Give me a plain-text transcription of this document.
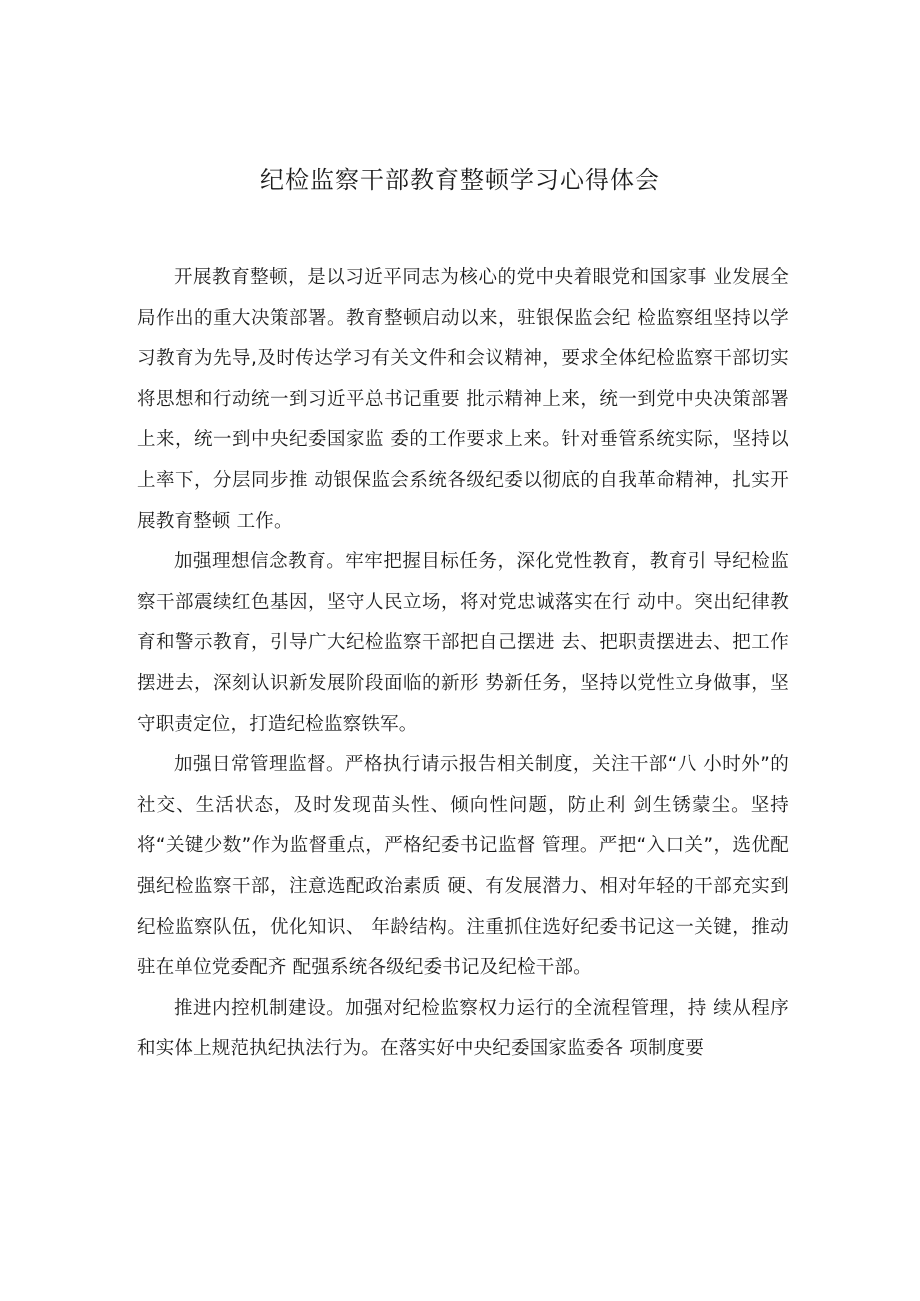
纪检监察干部教育整顿学习心得体会

开展教育整顿，是以习近平同志为核心的党中央着眼党和国家事 业发展全局作出的重大决策部署。教育整顿启动以来，驻银保监会纪 检监察组坚持以学习教育为先导,及时传达学习有关文件和会议精神，要求全体纪检监察干部切实将思想和行动统一到习近平总书记重要 批示精神上来，统一到党中央决策部署上来，统一到中央纪委国家监 委的工作要求上来。针对垂管系统实际，坚持以上率下，分层同步推 动银保监会系统各级纪委以彻底的自我革命精神，扎实开展教育整顿 工作。

加强理想信念教育。牢牢把握目标任务，深化党性教育，教育引 导纪检监察干部震续红色基因，坚守人民立场，将对党忠诚落实在行 动中。突出纪律教育和警示教育，引导广大纪检监察干部把自己摆进 去、把职责摆进去、把工作摆进去，深刻认识新发展阶段面临的新形 势新任务，坚持以党性立身做事，坚守职责定位，打造纪检监察铁军。

加强日常管理监督。严格执行请示报告相关制度，关注干部“八 小时外”的社交、生活状态，及时发现苗头性、倾向性问题，防止利 剑生锈蒙尘。坚持将“关键少数”作为监督重点，严格纪委书记监督 管理。严把“入口关”，选优配强纪检监察干部，注意选配政治素质 硬、有发展潜力、相对年轻的干部充实到纪检监察队伍，优化知识、 年龄结构。注重抓住选好纪委书记这一关键，推动驻在单位党委配齐 配强系统各级纪委书记及纪检干部。

推进内控机制建设。加强对纪检监察权力运行的全流程管理，持 续从程序和实体上规范执纪执法行为。在落实好中央纪委国家监委各 项制度要
